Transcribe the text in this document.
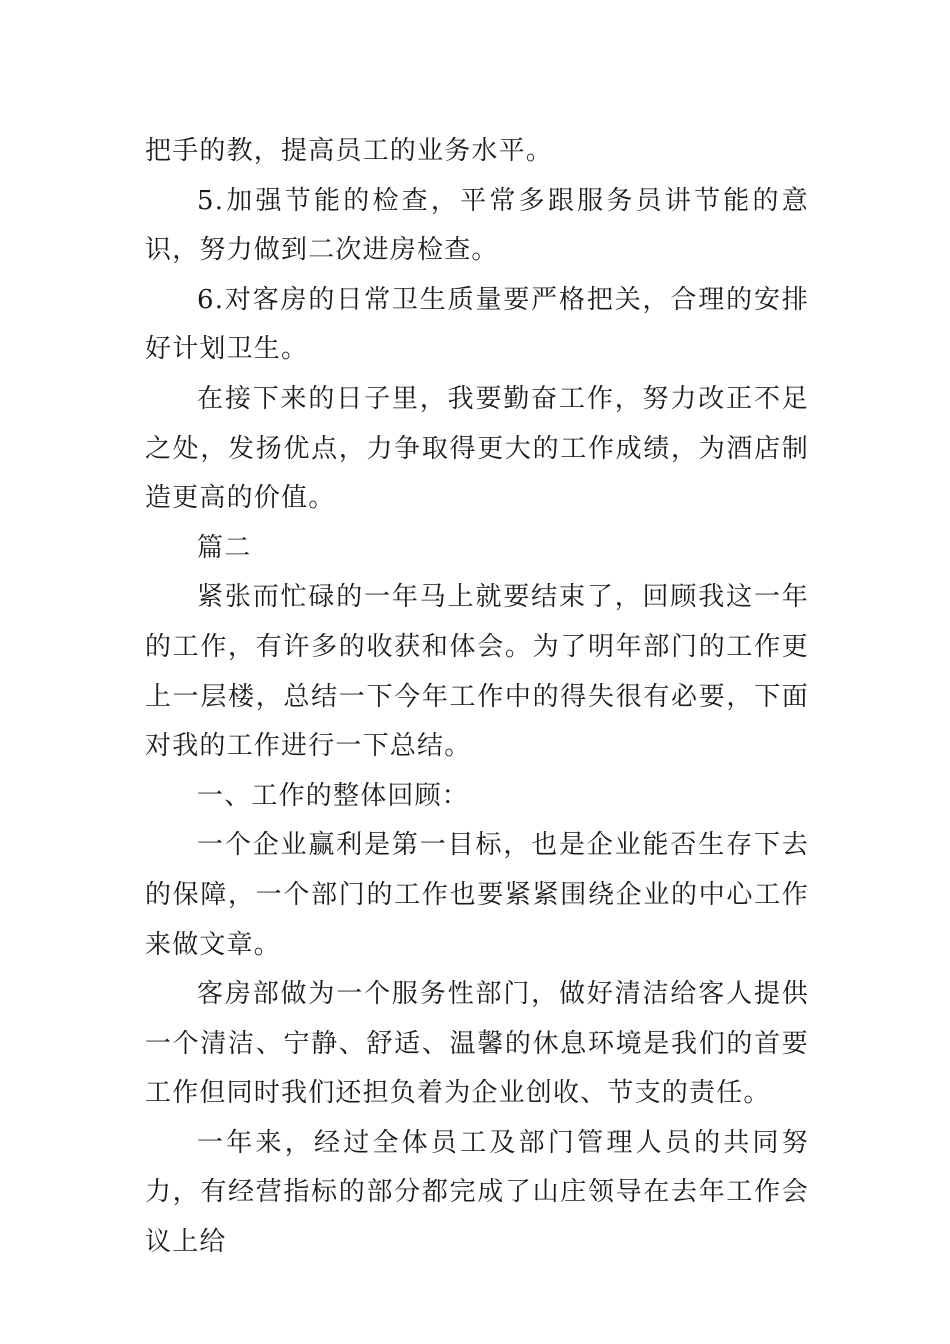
把手的教，提高员工的业务水平。

5.加强节能的检查，平常多跟服务员讲节能的意识，努力做到二次进房检查。

6.对客房的日常卫生质量要严格把关，合理的安排好计划卫生。

在接下来的日子里，我要勤奋工作，努力改正不足之处，发扬优点，力争取得更大的工作成绩，为酒店制造更高的价值。

篇二

紧张而忙碌的一年马上就要结束了，回顾我这一年的工作，有许多的收获和体会。为了明年部门的工作更上一层楼，总结一下今年工作中的得失很有必要，下面对我的工作进行一下总结。

一、工作的整体回顾：

一个企业赢利是第一目标，也是企业能否生存下去的保障，一个部门的工作也要紧紧围绕企业的中心工作来做文章。

客房部做为一个服务性部门，做好清洁给客人提供一个清洁、宁静、舒适、温馨的休息环境是我们的首要工作但同时我们还担负着为企业创收、节支的责任。

一年来，经过全体员工及部门管理人员的共同努力，有经营指标的部分都完成了山庄领导在去年工作会议上给
